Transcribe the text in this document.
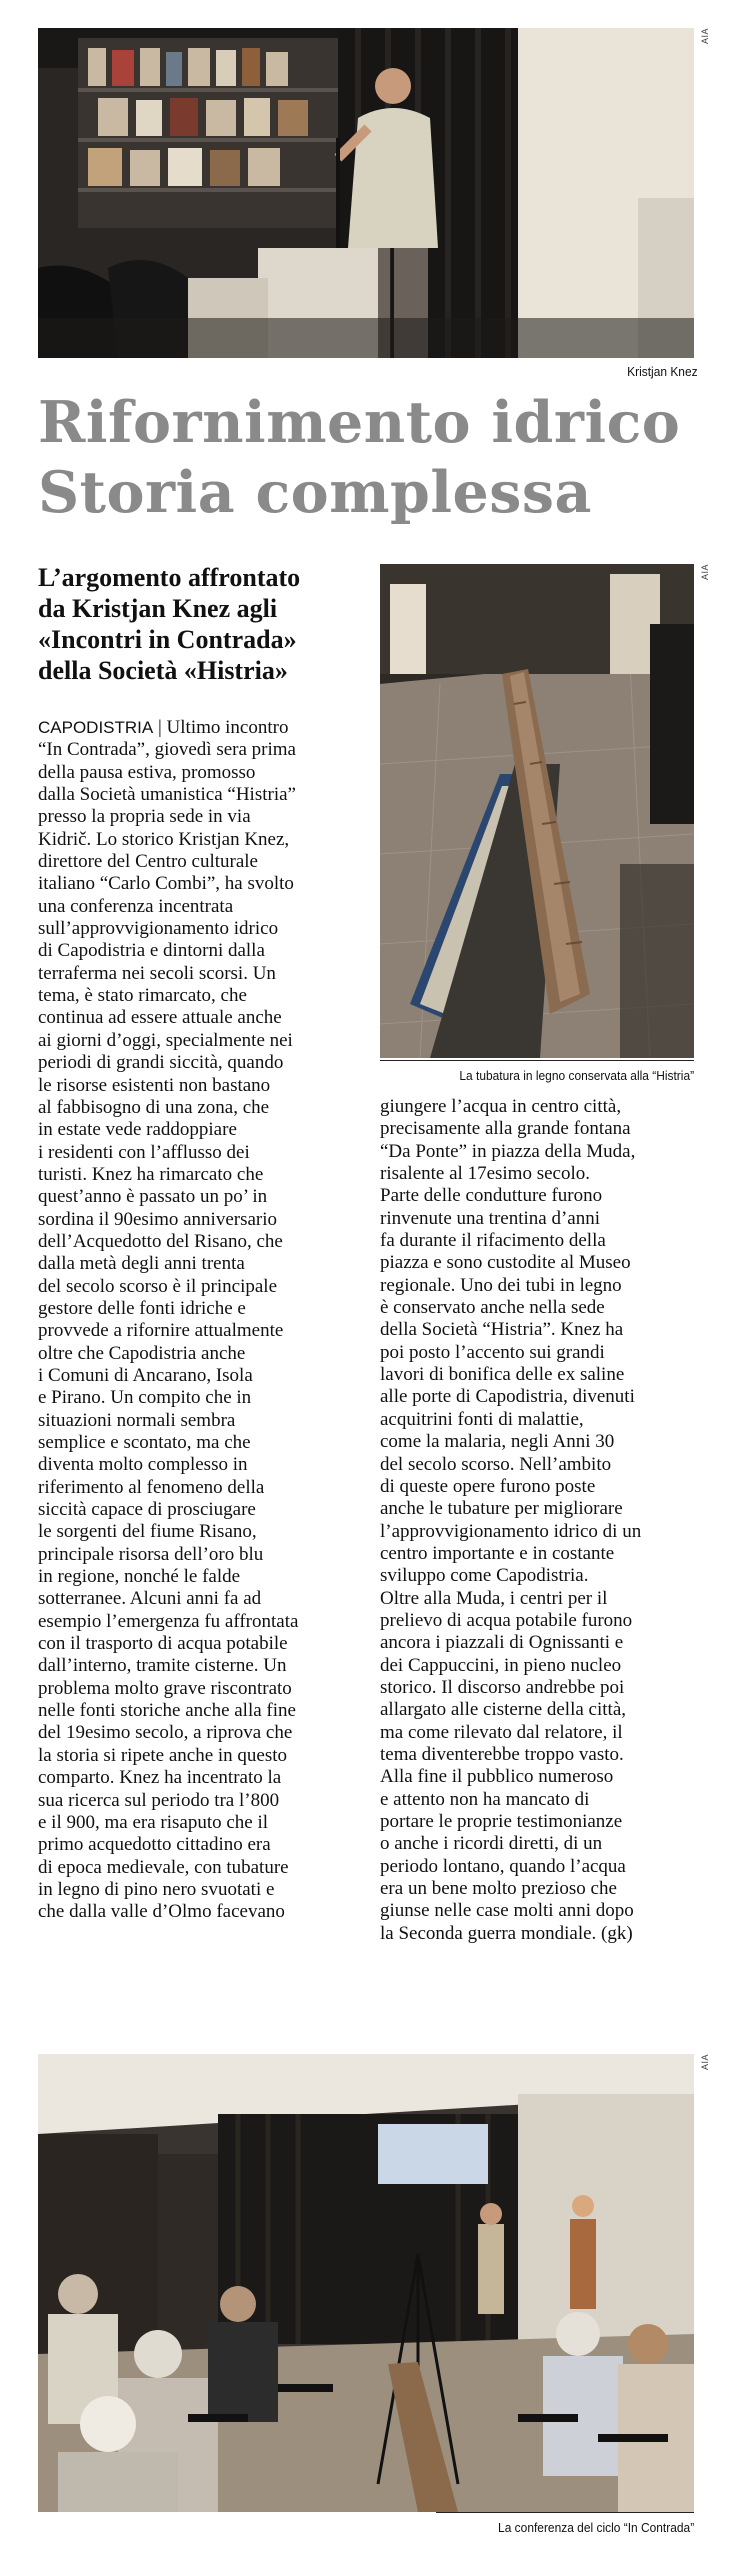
AIA
Kristjan Knez
Rifornimento idrico
Storia complessa
L’argomento affrontato
da Kristjan Knez agli
«Incontri in Contrada»
della Società «Histria»
AIA
La tubatura in legno conservata alla “Histria”
CAPODISTRIA | Ultimo incontro
“In Contrada”, giovedì sera prima
della pausa estiva, promosso
dalla Società umanistica “Histria”
presso la propria sede in via
Kidrič. Lo storico Kristjan Knez,
direttore del Centro culturale
italiano “Carlo Combi”, ha svolto
una conferenza incentrata
sull’approvvigionamento idrico
di Capodistria e dintorni dalla
terraferma nei secoli scorsi. Un
tema, è stato rimarcato, che
continua ad essere attuale anche
ai giorni d’oggi, specialmente nei
periodi di grandi siccità, quando
le risorse esistenti non bastano
al fabbisogno di una zona, che
in estate vede raddoppiare
i residenti con l’afflusso dei
turisti. Knez ha rimarcato che
quest’anno è passato un po’ in
sordina il 90esimo anniversario
dell’Acquedotto del Risano, che
dalla metà degli anni trenta
del secolo scorso è il principale
gestore delle fonti idriche e
provvede a rifornire attualmente
oltre che Capodistria anche
i Comuni di Ancarano, Isola
e Pirano. Un compito che in
situazioni normali sembra
semplice e scontato, ma che
diventa molto complesso in
riferimento al fenomeno della
siccità capace di prosciugare
le sorgenti del fiume Risano,
principale risorsa dell’oro blu
in regione, nonché le falde
sotterranee. Alcuni anni fa ad
esempio l’emergenza fu affrontata
con il trasporto di acqua potabile
dall’interno, tramite cisterne. Un
problema molto grave riscontrato
nelle fonti storiche anche alla fine
del 19esimo secolo, a riprova che
la storia si ripete anche in questo
comparto. Knez ha incentrato la
sua ricerca sul periodo tra l’800
e il 900, ma era risaputo che il
primo acquedotto cittadino era
di epoca medievale, con tubature
in legno di pino nero svuotati e
che dalla valle d’Olmo facevano
giungere l’acqua in centro città,
precisamente alla grande fontana
“Da Ponte” in piazza della Muda,
risalente al 17esimo secolo.
Parte delle condutture furono
rinvenute una trentina d’anni
fa durante il rifacimento della
piazza e sono custodite al Museo
regionale. Uno dei tubi in legno
è conservato anche nella sede
della Società “Histria”. Knez ha
poi posto l’accento sui grandi
lavori di bonifica delle ex saline
alle porte di Capodistria, divenuti
acquitrini fonti di malattie,
come la malaria, negli Anni 30
del secolo scorso. Nell’ambito
di queste opere furono poste
anche le tubature per migliorare
l’approvvigionamento idrico di un
centro importante e in costante
sviluppo come Capodistria.
Oltre alla Muda, i centri per il
prelievo di acqua potabile furono
ancora i piazzali di Ognissanti e
dei Cappuccini, in pieno nucleo
storico. Il discorso andrebbe poi
allargato alle cisterne della città,
ma come rilevato dal relatore, il
tema diventerebbe troppo vasto.
Alla fine il pubblico numeroso
e attento non ha mancato di
portare le proprie testimonianze
o anche i ricordi diretti, di un
periodo lontano, quando l’acqua
era un bene molto prezioso che
giunse nelle case molti anni dopo
la Seconda guerra mondiale. (gk)
AIA
La conferenza del ciclo “In Contrada”
